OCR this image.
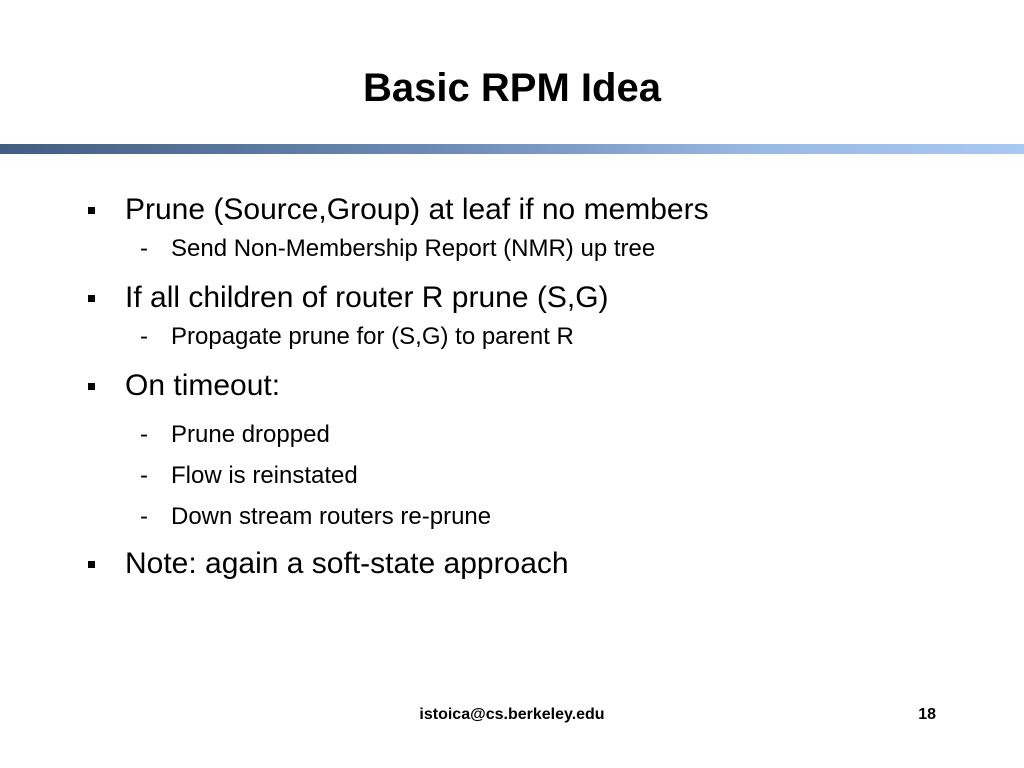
Basic RPM Idea

Prune (Source,Group) at leaf if no members

- Send Non-Membership Report (NMR) up tree

If all children of router R prune (S,G)

- Propagate prune for (S,G) to parent R

On timeout:

- Prune dropped

- Flow is reinstated

- Down stream routers re-prune

Note: again a soft-state approach

istoica@cs.berkeley.edu	18
